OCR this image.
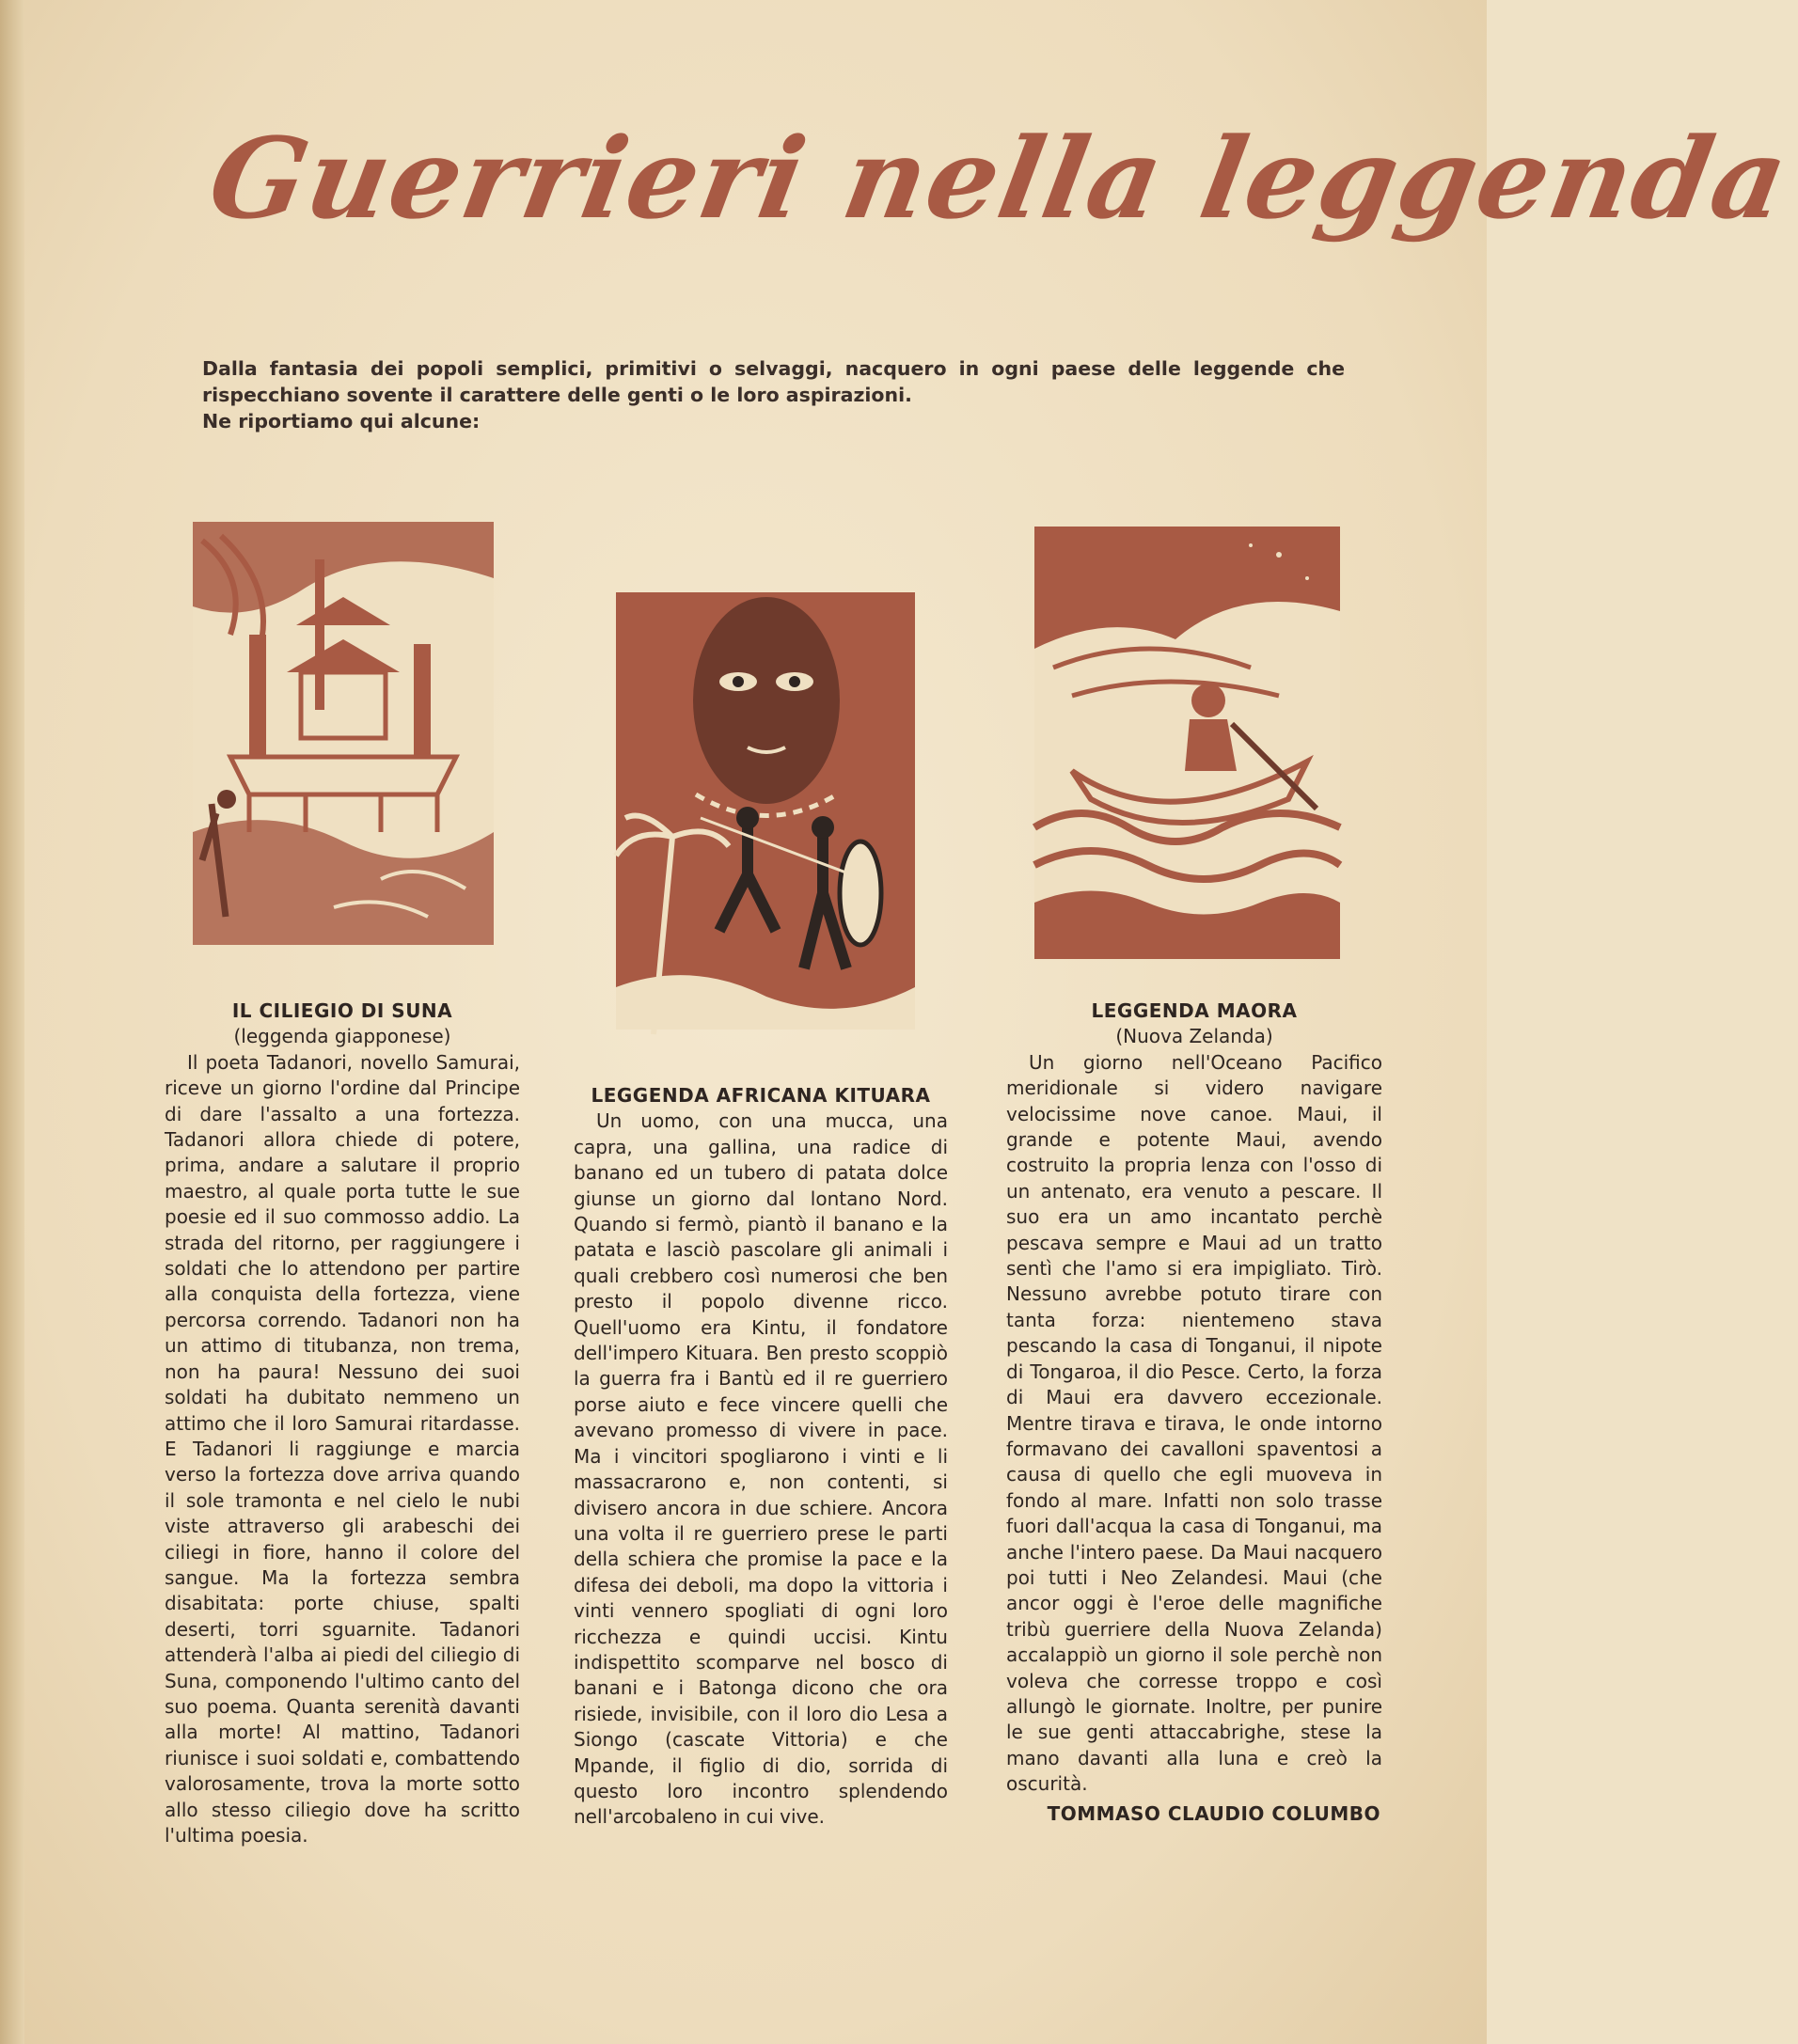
Guerrieri nella leggenda

Dalla fantasia dei popoli semplici, primitivi o selvaggi, nacquero in ogni paese delle leggende che rispecchiano sovente il carattere delle genti o le loro aspirazioni.

Ne riportiamo qui alcune:

IL CILIEGIO DI SUNA

(leggenda giapponese)

Il poeta Tadanori, novello Samurai, riceve un giorno l'ordine dal Principe di dare l'assalto a una fortezza. Tadanori allora chiede di potere, prima, andare a salutare il proprio maestro, al quale porta tutte le sue poesie ed il suo commosso addio. La strada del ritorno, per raggiungere i soldati che lo attendono per partire alla conquista della fortezza, viene percorsa correndo. Tadanori non ha un attimo di titubanza, non trema, non ha paura! Nessuno dei suoi soldati ha dubitato nemmeno un attimo che il loro Samurai ritardasse. E Tadanori li raggiunge e marcia verso la fortezza dove arriva quando il sole tramonta e nel cielo le nubi viste attraverso gli arabeschi dei ciliegi in fiore, hanno il colore del sangue. Ma la fortezza sembra disabitata: porte chiuse, spalti deserti, torri sguarnite. Tadanori attenderà l'alba ai piedi del ciliegio di Suna, componendo l'ultimo canto del suo poema. Quanta serenità davanti alla morte! Al mattino, Tadanori riunisce i suoi soldati e, combattendo valorosamente, trova la morte sotto allo stesso ciliegio dove ha scritto l'ultima poesia.

LEGGENDA AFRICANA KITUARA

Un uomo, con una mucca, una capra, una gallina, una radice di banano ed un tubero di patata dolce giunse un giorno dal lontano Nord. Quando si fermò, piantò il banano e la patata e lasciò pascolare gli animali i quali crebbero così numerosi che ben presto il popolo divenne ricco. Quell'uomo era Kintu, il fondatore dell'impero Kituara. Ben presto scoppiò la guerra fra i Bantù ed il re guerriero porse aiuto e fece vincere quelli che avevano promesso di vivere in pace. Ma i vincitori spogliarono i vinti e li massacrarono e, non contenti, si divisero ancora in due schiere. Ancora una volta il re guerriero prese le parti della schiera che promise la pace e la difesa dei deboli, ma dopo la vittoria i vinti vennero spogliati di ogni loro ricchezza e quindi uccisi. Kintu indispettito scomparve nel bosco di banani e i Batonga dicono che ora risiede, invisibile, con il loro dio Lesa a Siongo (cascate Vittoria) e che Mpande, il figlio di dio, sorrida di questo loro incontro splendendo nell'arcobaleno in cui vive.

LEGGENDA MAORA

(Nuova Zelanda)

Un giorno nell'Oceano Pacifico meridionale si videro navigare velocissime nove canoe. Maui, il grande e potente Maui, avendo costruito la propria lenza con l'osso di un antenato, era venuto a pescare. Il suo era un amo incantato perchè pescava sempre e Maui ad un tratto sentì che l'amo si era impigliato. Tirò. Nessuno avrebbe potuto tirare con tanta forza: nientemeno stava pescando la casa di Tonganui, il nipote di Tongaroa, il dio Pesce. Certo, la forza di Maui era davvero eccezionale. Mentre tirava e tirava, le onde intorno formavano dei cavalloni spaventosi a causa di quello che egli muoveva in fondo al mare. Infatti non solo trasse fuori dall'acqua la casa di Tonganui, ma anche l'intero paese. Da Maui nacquero poi tutti i Neo Zelandesi. Maui (che ancor oggi è l'eroe delle magnifiche tribù guerriere della Nuova Zelanda) accalappiò un giorno il sole perchè non voleva che corresse troppo e così allungò le giornate. Inoltre, per punire le sue genti attaccabrighe, stese la mano davanti alla luna e creò la oscurità.

TOMMASO CLAUDIO COLUMBO
